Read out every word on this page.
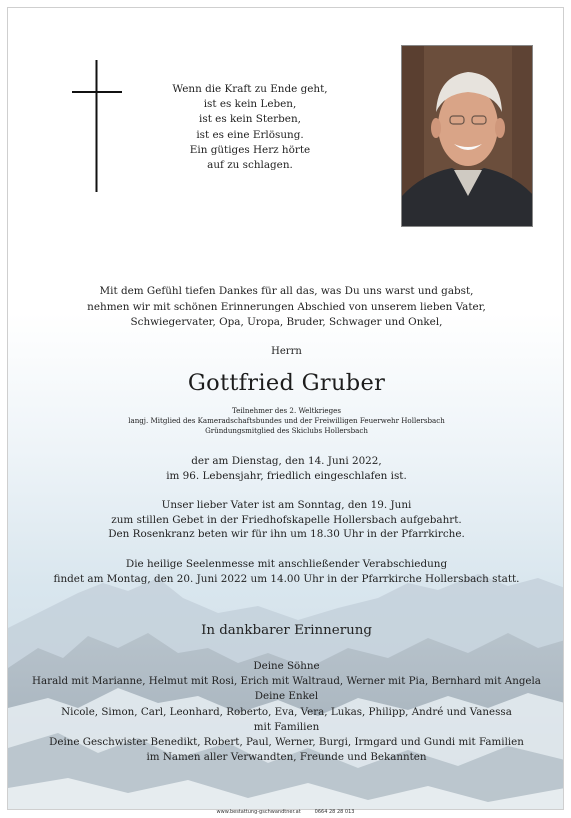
Wenn die Kraft zu Ende geht,
ist es kein Leben,
ist es kein Sterben,
ist es eine Erlösung.
Ein gütiges Herz hörte
auf zu schlagen.
Mit dem Gefühl tiefen Dankes für all das, was Du uns warst und gabst,
nehmen wir mit schönen Erinnerungen Abschied von unserem lieben Vater,
Schwiegervater, Opa, Uropa, Bruder, Schwager und Onkel,
Herrn
Gottfried Gruber
Teilnehmer des 2. Weltkrieges
langj. Mitglied des Kameradschaftsbundes und der Freiwilligen Feuerwehr Hollersbach
Gründungsmitglied des Skiclubs Hollersbach
der am Dienstag, den 14. Juni 2022,
im 96. Lebensjahr, friedlich eingeschlafen ist.
Unser lieber Vater ist am Sonntag, den 19. Juni
zum stillen Gebet in der Friedhofskapelle Hollersbach aufgebahrt.
Den Rosenkranz beten wir für ihn um 18.30 Uhr in der Pfarrkirche.
Die heilige Seelenmesse mit anschließender Verabschiedung
findet am Montag, den 20. Juni 2022 um 14.00 Uhr in der Pfarrkirche Hollersbach statt.
In dankbarer Erinnerung
Deine Söhne
Harald mit Marianne, Helmut mit Rosi, Erich mit Waltraud, Werner mit Pia, Bernhard mit Angela
Deine Enkel
Nicole, Simon, Carl, Leonhard, Roberto, Eva, Vera, Lukas, Philipp, André und Vanessa
mit Familien
Deine Geschwister Benedikt, Robert, Paul, Werner, Burgi, Irmgard und Gundi mit Familien
im Namen aller Verwandten, Freunde und Bekannten
www.bestattung-gschwandtner.at	0664 28 28 013
